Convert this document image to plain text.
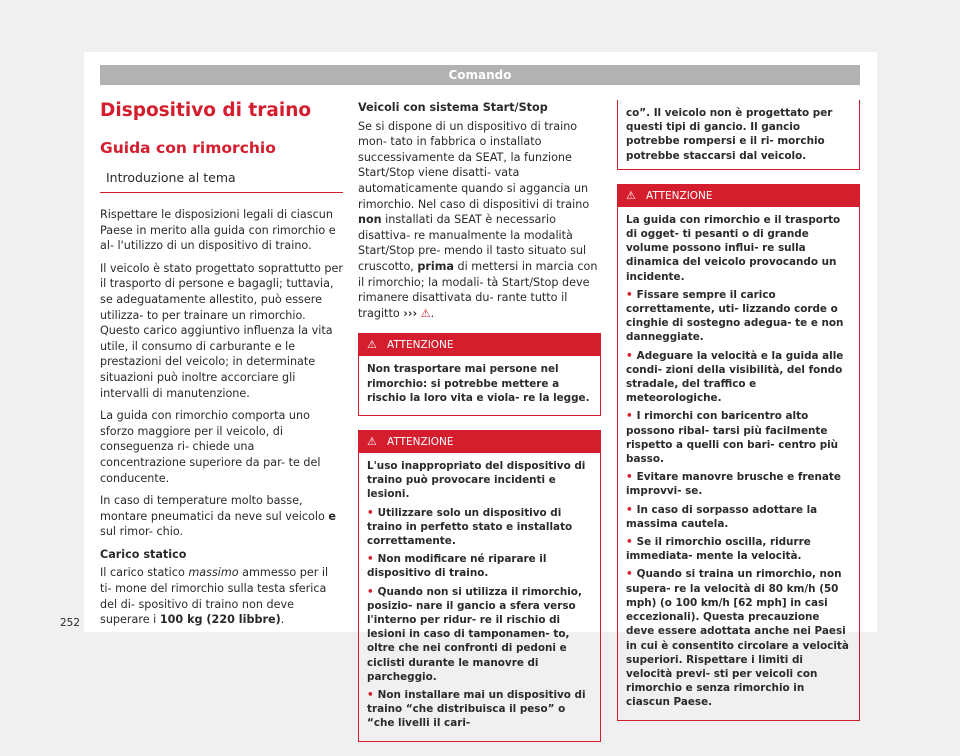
Comando
Dispositivo di traino
Guida con rimorchio
Introduzione al tema

Rispettare le disposizioni legali di ciascun Paese in merito alla guida con rimorchio e al- l'utilizzo di un dispositivo di traino.

Il veicolo è stato progettato soprattutto per il trasporto di persone e bagagli; tuttavia, se adeguatamente allestito, può essere utilizza- to per trainare un rimorchio. Questo carico aggiuntivo influenza la vita utile, il consumo di carburante e le prestazioni del veicolo; in determinate situazioni può inoltre accorciare gli intervalli di manutenzione.

La guida con rimorchio comporta uno sforzo maggiore per il veicolo, di conseguenza ri- chiede una concentrazione superiore da par- te del conducente.

In caso di temperature molto basse, montare pneumatici da neve sul veicolo e sul rimor- chio.

Carico statico

Il carico statico massimo ammesso per il ti- mone del rimorchio sulla testa sferica del di- spositivo di traino non deve superare i 100 kg (220 libbre).

Veicoli con sistema Start/Stop

Se si dispone di un dispositivo di traino mon- tato in fabbrica o installato successivamente da SEAT, la funzione Start/Stop viene disatti- vata automaticamente quando si aggancia un rimorchio. Nel caso di dispositivi di traino non installati da SEAT è necessario disattiva- re manualmente la modalità Start/Stop pre- mendo il tasto situato sul cruscotto, prima di mettersi in marcia con il rimorchio; la modali- tà Start/Stop deve rimanere disattivata du- rante tutto il tragitto ››› ⚠.

⚠ ATTENZIONE

Non trasportare mai persone nel rimorchio: si potrebbe mettere a rischio la loro vita e viola- re la legge.

⚠ ATTENZIONE

L'uso inappropriato del dispositivo di traino può provocare incidenti e lesioni.

• Utilizzare solo un dispositivo di traino in perfetto stato e installato correttamente.
• Non modificare né riparare il dispositivo di traino.
• Quando non si utilizza il rimorchio, posizio- nare il gancio a sfera verso l'interno per ridur- re il rischio di lesioni in caso di tamponamen- to, oltre che nei confronti di pedoni e ciclisti durante le manovre di parcheggio.
• Non installare mai un dispositivo di traino “che distribuisca il peso” o “che livelli il cari-
co”. Il veicolo non è progettato per questi tipi di gancio. Il gancio potrebbe rompersi e il ri- morchio potrebbe staccarsi dal veicolo.
⚠ ATTENZIONE

La guida con rimorchio e il trasporto di ogget- ti pesanti o di grande volume possono influi- re sulla dinamica del veicolo provocando un incidente.

• Fissare sempre il carico correttamente, uti- lizzando corde o cinghie di sostegno adegua- te e non danneggiate.
• Adeguare la velocità e la guida alle condi- zioni della visibilità, del fondo stradale, del traffico e meteorologiche.
• I rimorchi con baricentro alto possono ribal- tarsi più facilmente rispetto a quelli con bari- centro più basso.
• Evitare manovre brusche e frenate improvvi- se.
• In caso di sorpasso adottare la massima cautela.
• Se il rimorchio oscilla, ridurre immediata- mente la velocità.
• Quando si traina un rimorchio, non supera- re la velocità di 80 km/h (50 mph) (o 100 km/h [62 mph] in casi eccezionali). Questa precauzione deve essere adottata anche nei Paesi in cui è consentito circolare a velocità superiori. Rispettare i limiti di velocità previ- sti per veicoli con rimorchio e senza rimorchio in ciascun Paese.
252
